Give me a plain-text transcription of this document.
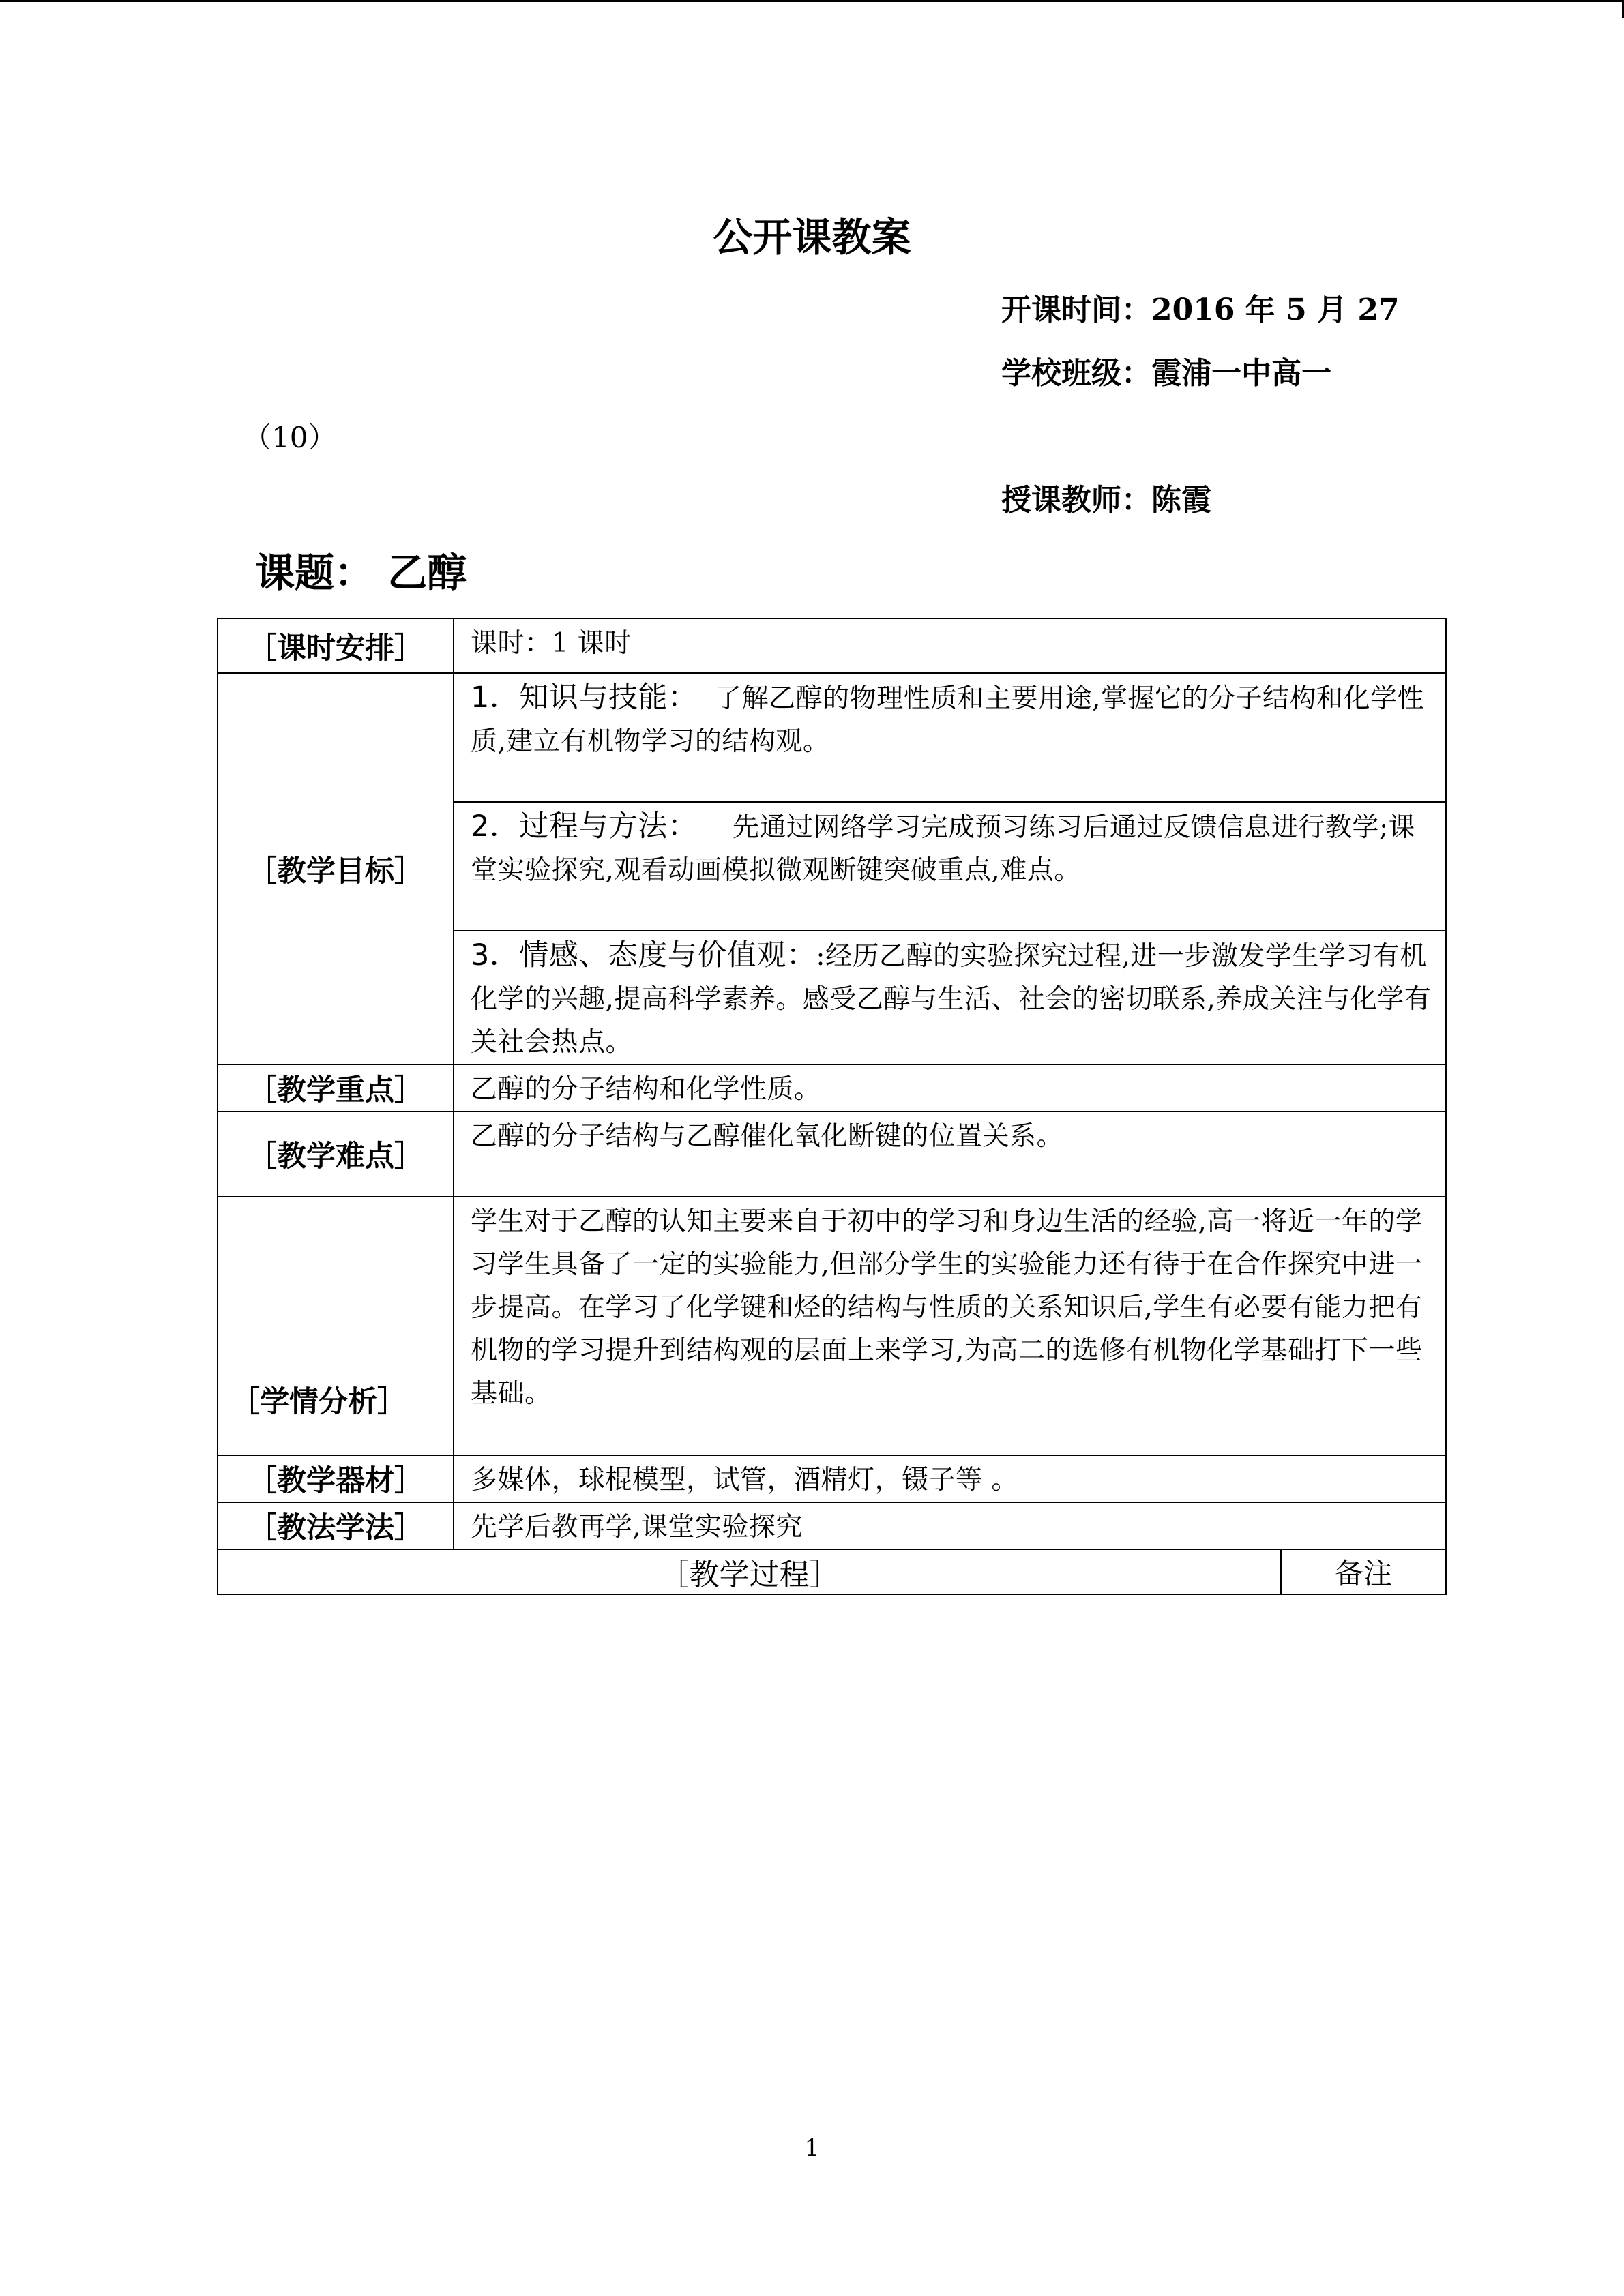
公开课教案
开课时间：2016 年 5 月 27
学校班级：霞浦一中高一
（10）
授课教师：陈霞
课题： 乙醇
［课时安排］	课时：1 课时	

［教学目标］	1．知识与技能： 了解乙醇的物理性质和主要用途,掌握它的分子结构和化学性质,建立有机物学习的结构观。	

	2．过程与方法： 先通过网络学习完成预习练习后通过反馈信息进行教学;课堂实验探究,观看动画模拟微观断键突破重点,难点。	

	3．情感、态度与价值观：:经历乙醇的实验探究过程,进一步激发学生学习有机化学的兴趣,提高科学素养。感受乙醇与生活、社会的密切联系,养成关注与化学有关社会热点。	

［教学重点］	乙醇的分子结构和化学性质。	

［教学难点］	乙醇的分子结构与乙醇催化氧化断键的位置关系。	

［学情分析］	学生对于乙醇的认知主要来自于初中的学习和身边生活的经验,高一将近一年的学习学生具备了一定的实验能力,但部分学生的实验能力还有待于在合作探究中进一步提高。在学习了化学键和烃的结构与性质的关系知识后,学生有必要有能力把有机物的学习提升到结构观的层面上来学习,为高二的选修有机物化学基础打下一些基础。	

［教学器材］	多媒体，球棍模型，试管，酒精灯，镊子等 。	

［教法学法］	先学后教再学,课堂实验探究	

［教学过程］		备注
1
